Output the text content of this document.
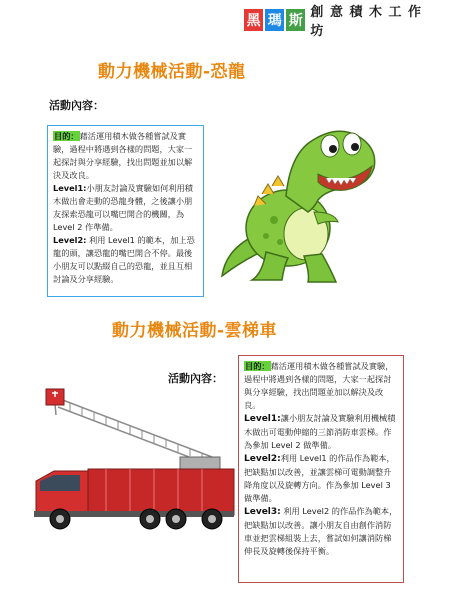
黑 瑪 斯
創 意 積 木 工 作 坊
動力機械活動-恐龍
活動內容：

目的：藉活運用積木做各種嘗試及實驗，過程中將遇到各樣的問題，大家一起探討與分享經驗，找出問題並加以解決及改良。

Level1:小朋友討論及實驗如何利用積木做出會走動的恐龍身體，之後讓小朋友探索恐龍可以嘴巴開合的機關，為Level 2 作準備。

Level2: 利用 Level1 的範本，加上恐龍的頭，讓恐龍的嘴巴開合不停。最後小朋友可以點綴自己的恐龍，並且互相討論及分享經驗。

動力機械活動-雲梯車
活動內容：

目的：藉活運用積木做各種嘗試及實驗，過程中將遇到各樣的問題，大家一起探討與分享經驗，找出問題並加以解決及改良。

Level1:讓小朋友討論及實驗利用機械積木做出可電動伸縮的三節消防車雲梯。作為參加 Level 2 做準備。

Level2:利用 Level1 的作品作為範本，把缺點加以改善，並讓雲梯可電動調整升降角度以及旋轉方向。作為參加 Level 3 做準備。

Level3: 利用 Level2 的作品作為範本，把缺點加以改善。讓小朋友自由創作消防車並把雲梯組裝上去，嘗試如何讓消防梯伸長及旋轉後保持平衡。
